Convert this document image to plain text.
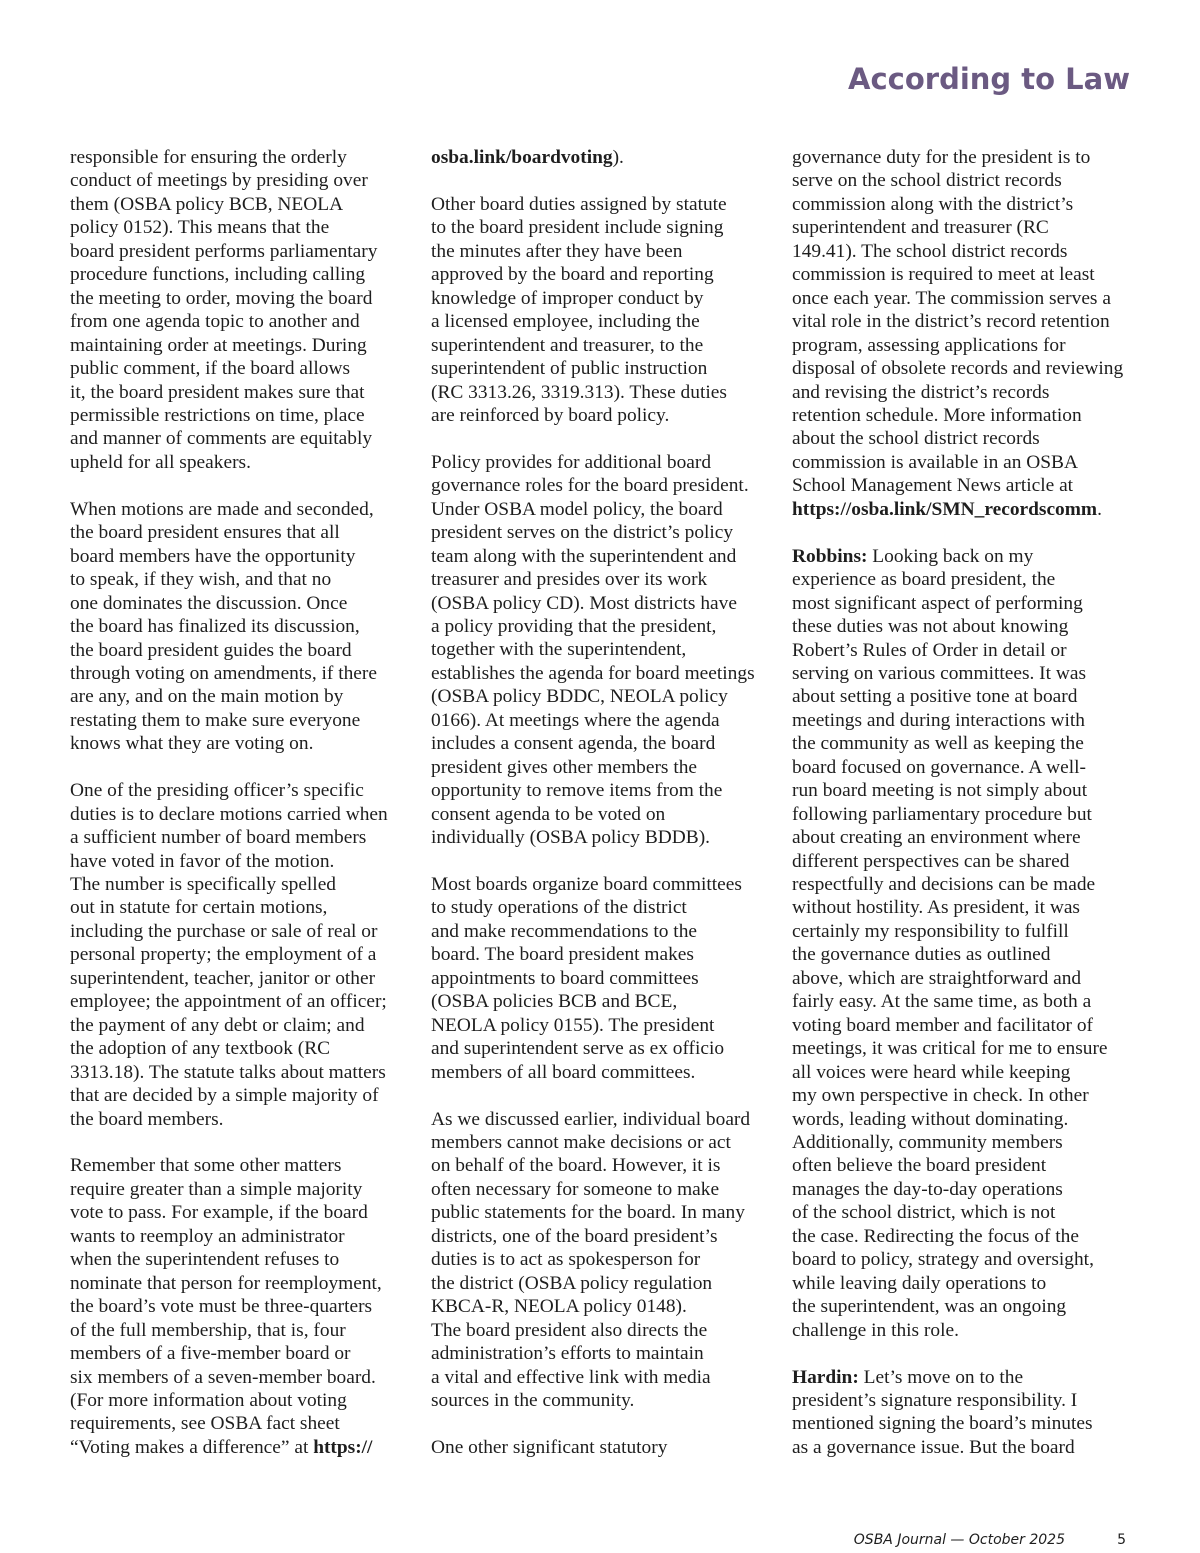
According to Law
responsible for ensuring the orderly
conduct of meetings by presiding over
them (OSBA policy BCB, NEOLA
policy 0152). This means that the
board president performs parliamentary
procedure functions, including calling
the meeting to order, moving the board
from one agenda topic to another and
maintaining order at meetings. During
public comment, if the board allows
it, the board president makes sure that
permissible restrictions on time, place
and manner of comments are equitably
upheld for all speakers.
When motions are made and seconded,
the board president ensures that all
board members have the opportunity
to speak, if they wish, and that no
one dominates the discussion. Once
the board has finalized its discussion,
the board president guides the board
through voting on amendments, if there
are any, and on the main motion by
restating them to make sure everyone
knows what they are voting on.
One of the presiding officer’s specific
duties is to declare motions carried when
a sufficient number of board members
have voted in favor of the motion.
The number is specifically spelled
out in statute for certain motions,
including the purchase or sale of real or
personal property; the employment of a
superintendent, teacher, janitor or other
employee; the appointment of an officer;
the payment of any debt or claim; and
the adoption of any textbook (RC
3313.18). The statute talks about matters
that are decided by a simple majority of
the board members.
Remember that some other matters
require greater than a simple majority
vote to pass. For example, if the board
wants to reemploy an administrator
when the superintendent refuses to
nominate that person for reemployment,
the board’s vote must be three-quarters
of the full membership, that is, four
members of a five-member board or
six members of a seven-member board.
(For more information about voting
requirements, see OSBA fact sheet
“Voting makes a difference” at https://
osba.link/boardvoting).
Other board duties assigned by statute
to the board president include signing
the minutes after they have been
approved by the board and reporting
knowledge of improper conduct by
a licensed employee, including the
superintendent and treasurer, to the
superintendent of public instruction
(RC 3313.26, 3319.313). These duties
are reinforced by board policy.
Policy provides for additional board
governance roles for the board president.
Under OSBA model policy, the board
president serves on the district’s policy
team along with the superintendent and
treasurer and presides over its work
(OSBA policy CD). Most districts have
a policy providing that the president,
together with the superintendent,
establishes the agenda for board meetings
(OSBA policy BDDC, NEOLA policy
0166). At meetings where the agenda
includes a consent agenda, the board
president gives other members the
opportunity to remove items from the
consent agenda to be voted on
individually (OSBA policy BDDB).
Most boards organize board committees
to study operations of the district
and make recommendations to the
board. The board president makes
appointments to board committees
(OSBA policies BCB and BCE,
NEOLA policy 0155). The president
and superintendent serve as ex officio
members of all board committees.
As we discussed earlier, individual board
members cannot make decisions or act
on behalf of the board. However, it is
often necessary for someone to make
public statements for the board. In many
districts, one of the board president’s
duties is to act as spokesperson for
the district (OSBA policy regulation
KBCA-R, NEOLA policy 0148).
The board president also directs the
administration’s efforts to maintain
a vital and effective link with media
sources in the community.
One other significant statutory
governance duty for the president is to
serve on the school district records
commission along with the district’s
superintendent and treasurer (RC
149.41). The school district records
commission is required to meet at least
once each year. The commission serves a
vital role in the district’s record retention
program, assessing applications for
disposal of obsolete records and reviewing
and revising the district’s records
retention schedule. More information
about the school district records
commission is available in an OSBA
School Management News article at
https://osba.link/SMN_recordscomm.
Robbins: Looking back on my
experience as board president, the
most significant aspect of performing
these duties was not about knowing
Robert’s Rules of Order in detail or
serving on various committees. It was
about setting a positive tone at board
meetings and during interactions with
the community as well as keeping the
board focused on governance. A well-
run board meeting is not simply about
following parliamentary procedure but
about creating an environment where
different perspectives can be shared
respectfully and decisions can be made
without hostility. As president, it was
certainly my responsibility to fulfill
the governance duties as outlined
above, which are straightforward and
fairly easy. At the same time, as both a
voting board member and facilitator of
meetings, it was critical for me to ensure
all voices were heard while keeping
my own perspective in check. In other
words, leading without dominating.
Additionally, community members
often believe the board president
manages the day-to-day operations
of the school district, which is not
the case. Redirecting the focus of the
board to policy, strategy and oversight,
while leaving daily operations to
the superintendent, was an ongoing
challenge in this role.
Hardin: Let’s move on to the
president’s signature responsibility. I
mentioned signing the board’s minutes
as a governance issue. But the board
OSBA Journal — October 2025	5
